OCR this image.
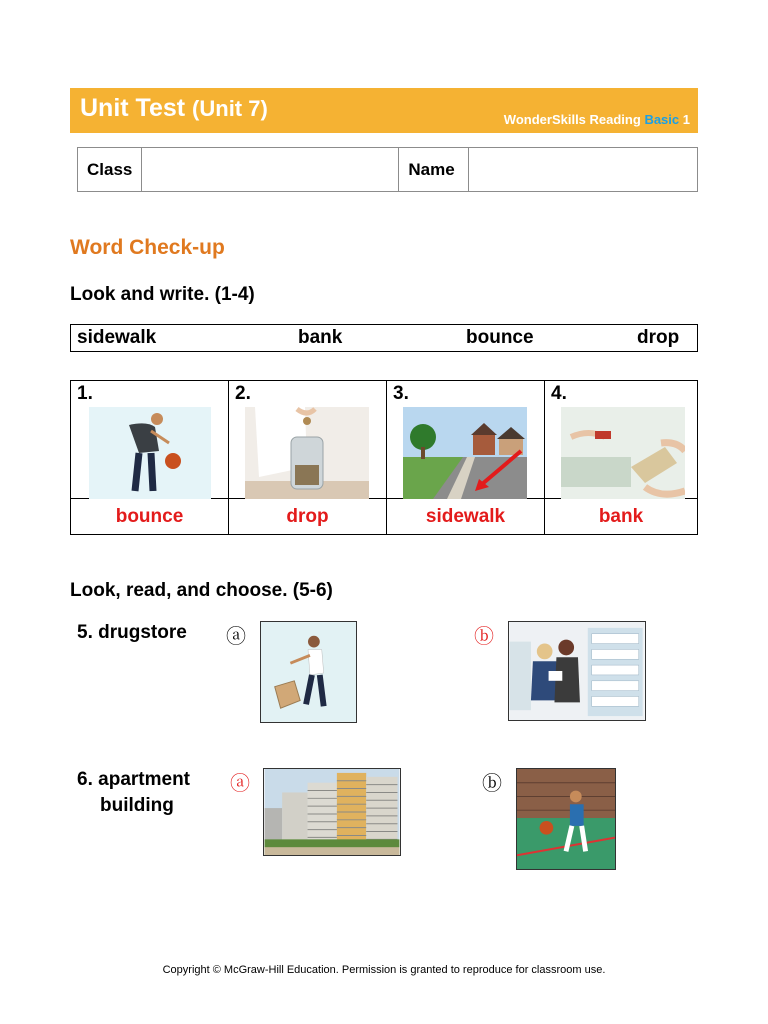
Unit Test (Unit 7)	WonderSkills Reading Basic 1
Class		Name	
Word Check-up
Look and write. (1-4)
sidewalk	bank	bounce	drop
1.	2.	3.	4.

bounce	drop	sidewalk	bank
Look, read, and choose. (5-6)
5. drugstore ⓐ	ⓑ
6. apartment
building
ⓐ	ⓑ
Copyright © McGraw-Hill Education. Permission is granted to reproduce for classroom use.
